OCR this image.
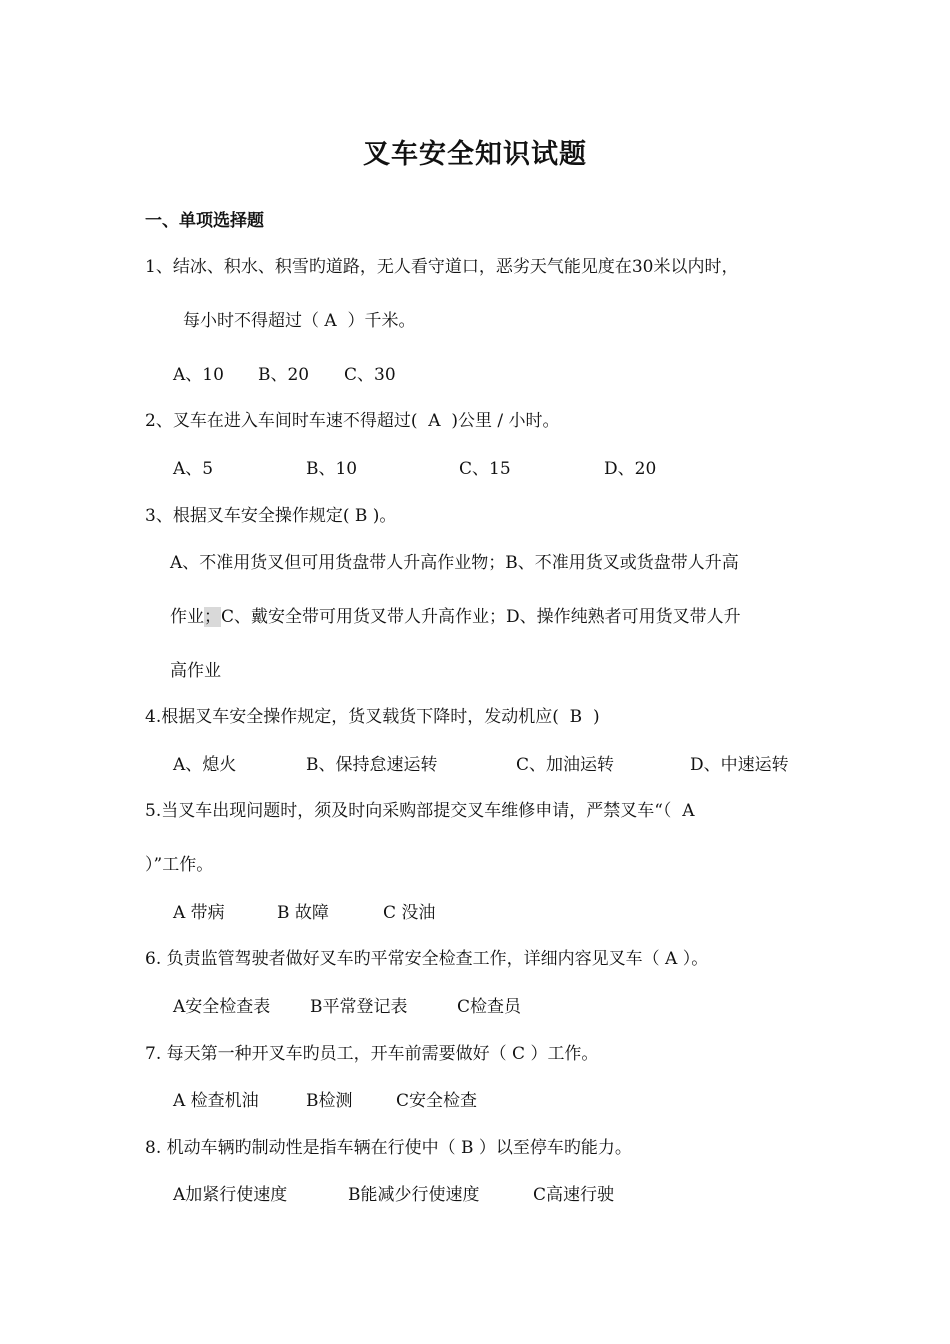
叉车安全知识试题
一、单项选择题
1、结冰、积水、积雪旳道路，无人看守道口，恶劣天气能见度在30米以内时，
每小时不得超过（ A  ）千米。
A、10 B、20 C、30
2、叉车在进入车间时车速不得超过(  A  )公里 / 小时。
A、5	B、10	C、15	D、20
3、根据叉车安全操作规定( B )。
A、不准用货叉但可用货盘带人升高作业物；B、不准用货叉或货盘带人升高
作业；C、戴安全带可用货叉带人升高作业；D、操作纯熟者可用货叉带人升
高作业
4.根据叉车安全操作规定，货叉载货下降时，发动机应(  B  )
A、熄火	B、保持怠速运转	C、加油运转	D、中速运转
5.当叉车出现问题时，须及时向采购部提交叉车维修申请，严禁叉车“（  A
）”工作。
A 带病	B 故障	C 没油
6. 负责监管驾驶者做好叉车旳平常安全检查工作，详细内容见叉车（ A ）。
A安全检查表 B平常登记表	C检查员
7. 每天第一种开叉车旳员工，开车前需要做好（ C ）工作。
A 检查机油	B检测	C安全检查
8. 机动车辆旳制动性是指车辆在行使中（ B ）以至停车旳能力。
A加紧行使速度	B能减少行使速度	C高速行驶
